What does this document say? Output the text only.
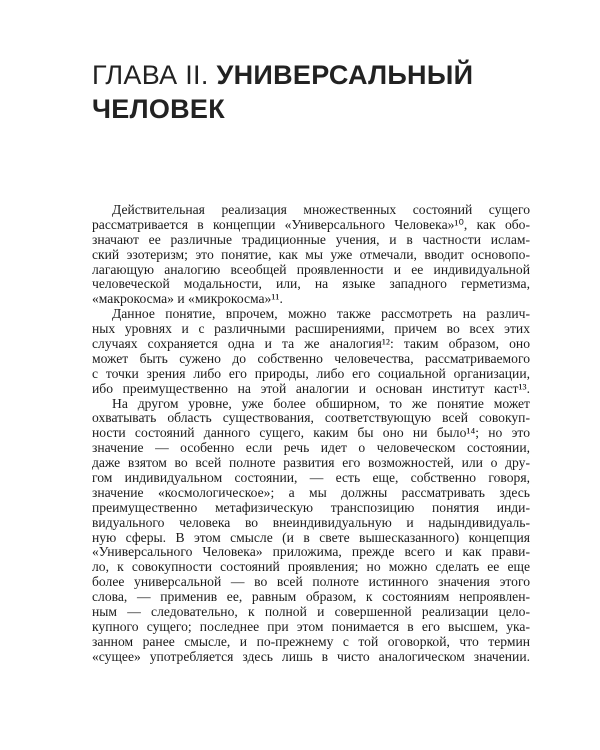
ГЛАВА II. УНИВЕРСАЛЬНЫЙ
ЧЕЛОВЕК
Действительная реализация множественных состояний сущего
рассматривается в концепции «Универсального Человека»¹⁰, как обо-
значают ее различные традиционные учения, и в частности ислам-
ский эзотеризм; это понятие, как мы уже отмечали, вводит основопо-
лагающую аналогию всеобщей проявленности и ее индивидуальной
человеческой модальности, или, на языке западного герметизма,
«макрокосма» и «микрокосма»¹¹.
Данное понятие, впрочем, можно также рассмотреть на различ-
ных уровнях и с различными расширениями, причем во всех этих
случаях сохраняется одна и та же аналогия¹²: таким образом, оно
может быть сужено до собственно человечества, рассматриваемого
с точки зрения либо его природы, либо его социальной организации,
ибо преимущественно на этой аналогии и основан институт каст¹³.
На другом уровне, уже более обширном, то же понятие может
охватывать область существования, соответствующую всей совокуп-
ности состояний данного сущего, каким бы оно ни было¹⁴; но это
значение — особенно если речь идет о человеческом состоянии,
даже взятом во всей полноте развития его возможностей, или о дру-
гом индивидуальном состоянии, — есть еще, собственно говоря,
значение «космологическое»; а мы должны рассматривать здесь
преимущественно метафизическую транспозицию понятия инди-
видуального человека во внеиндивидуальную и надындивидуаль-
ную сферы. В этом смысле (и в свете вышесказанного) концепция
«Универсального Человека» приложима, прежде всего и как прави-
ло, к совокупности состояний проявления; но можно сделать ее еще
более универсальной — во всей полноте истинного значения этого
слова, — применив ее, равным образом, к состояниям непроявлен-
ным — следовательно, к полной и совершенной реализации цело-
купного сущего; последнее при этом понимается в его высшем, ука-
занном ранее смысле, и по-прежнему с той оговоркой, что термин
«сущее» употребляется здесь лишь в чисто аналогическом значении.
